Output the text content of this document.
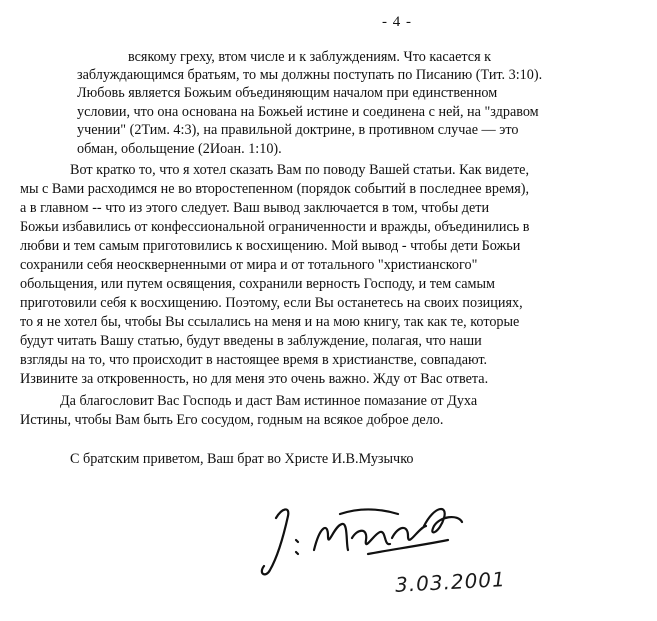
- 4 -
всякому греху, втом числе и к заблуждениям. Что касается к
заблуждающимся братьям, то мы должны поступать по Писанию (Тит. 3:10).
Любовь является Божьим объединяющим началом при единственном
условии, что она основана на Божьей истине и соединена с ней, на "здравом
учении" (2Тим. 4:3), на правильной доктрине, в противном случае — это
обман, обольщение (2Иоан. 1:10).
Вот кратко то, что я хотел сказать Вам по поводу Вашей статьи. Как видете,
мы с Вами расходимся не во второстепенном (порядок событий в последнее время),
а в главном -- что из этого следует. Ваш вывод заключается в том, чтобы дети
Божьи избавились от конфессиональной ограниченности и вражды, объединились в
любви и тем самым приготовились к восхищению. Мой вывод - чтобы дети Божьи
сохранили себя неоскверненными от мира и от тотального "христианского"
обольщения, или путем освящения, сохранили верность Господу, и тем самым
приготовили себя к восхищению. Поэтому, если Вы останетесь на своих позициях,
то я не хотел бы, чтобы Вы ссылались на меня и на мою книгу, так как те, которые
будут читать Вашу статью, будут введены в заблуждение, полагая, что наши
взгляды на то, что происходит в настоящее время в христианстве, совпадают.
Извините за откровенность, но для меня это очень важно. Жду от Вас ответа.
Да благословит Вас Господь и даст Вам истинное помазание от Духа
Истины, чтобы Вам быть Его сосудом, годным на всякое доброе дело.
С братским приветом, Ваш брат во Христе И.В.Музычко
3.03.2001
